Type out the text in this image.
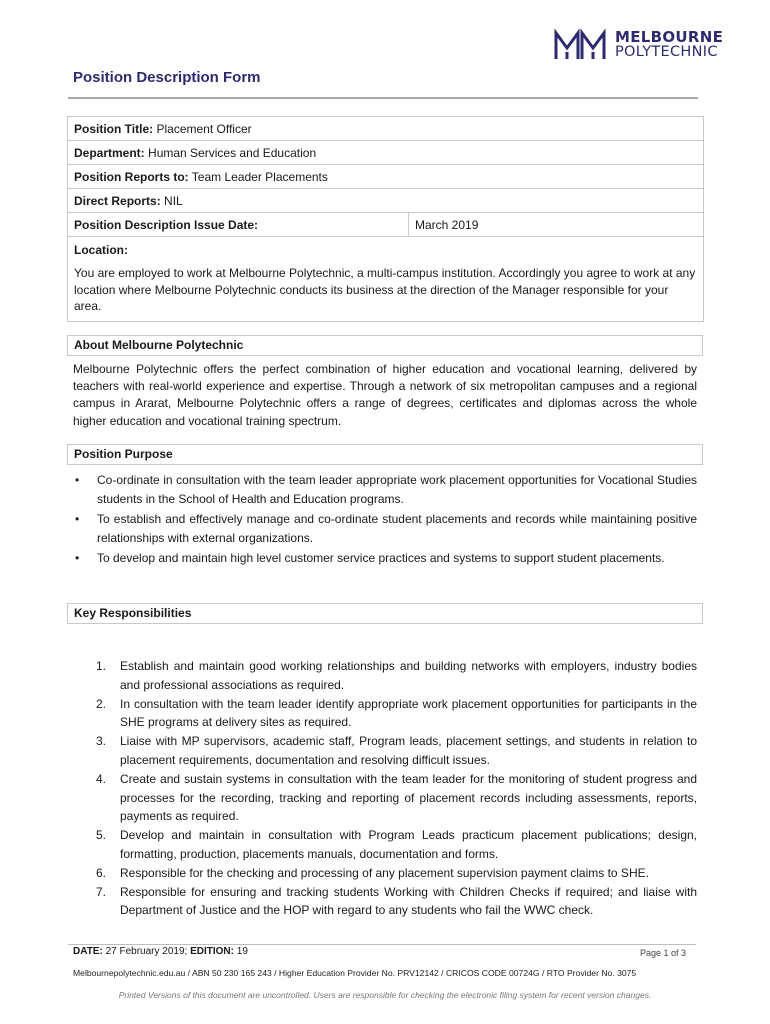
MELBOURNE
POLYTECHNIC
Position Description Form
Position Title: Placement Officer
Department: Human Services and Education
Position Reports to: Team Leader Placements
Direct Reports: NIL
Position Description Issue Date:	March 2019

Location:
You are employed to work at Melbourne Polytechnic, a multi-campus institution. Accordingly you agree to work at any location where Melbourne Polytechnic conducts its business at the direction of the Manager responsible for your area.
About Melbourne Polytechnic
Melbourne Polytechnic offers the perfect combination of higher education and vocational learning, delivered by teachers with real-world experience and expertise. Through a network of six metropolitan campuses and a regional campus in Ararat, Melbourne Polytechnic offers a range of degrees, certificates and diplomas across the whole higher education and vocational training spectrum.
Position Purpose
• Co-ordinate in consultation with the team leader appropriate work placement opportunities for Vocational Studies students in the School of Health and Education programs.
• To establish and effectively manage and co-ordinate student placements and records while maintaining positive relationships with external organizations.
• To develop and maintain high level customer service practices and systems to support student placements.
Key Responsibilities
1. Establish and maintain good working relationships and building networks with employers, industry bodies and professional associations as required.
2. In consultation with the team leader identify appropriate work placement opportunities for participants in the SHE programs at delivery sites as required.
3. Liaise with MP supervisors, academic staff, Program leads, placement settings, and students in relation to placement requirements, documentation and resolving difficult issues.
4. Create and sustain systems in consultation with the team leader for the monitoring of student progress and processes for the recording, tracking and reporting of placement records including assessments, reports, payments as required.
5. Develop and maintain in consultation with Program Leads practicum placement publications; design, formatting, production, placements manuals, documentation and forms.
6. Responsible for the checking and processing of any placement supervision payment claims to SHE.
7. Responsible for ensuring and tracking students Working with Children Checks if required; and liaise with Department of Justice and the HOP with regard to any students who fail the WWC check.
DATE: 27 February 2019; EDITION: 19	Page 1 of 3
Melbournepolytechnic.edu.au / ABN 50 230 165 243 / Higher Education Provider No. PRV12142 / CRICOS CODE 00724G / RTO Provider No. 3075
Printed Versions of this document are uncontrolled. Users are responsible for checking the electronic filing system for recent version changes.
